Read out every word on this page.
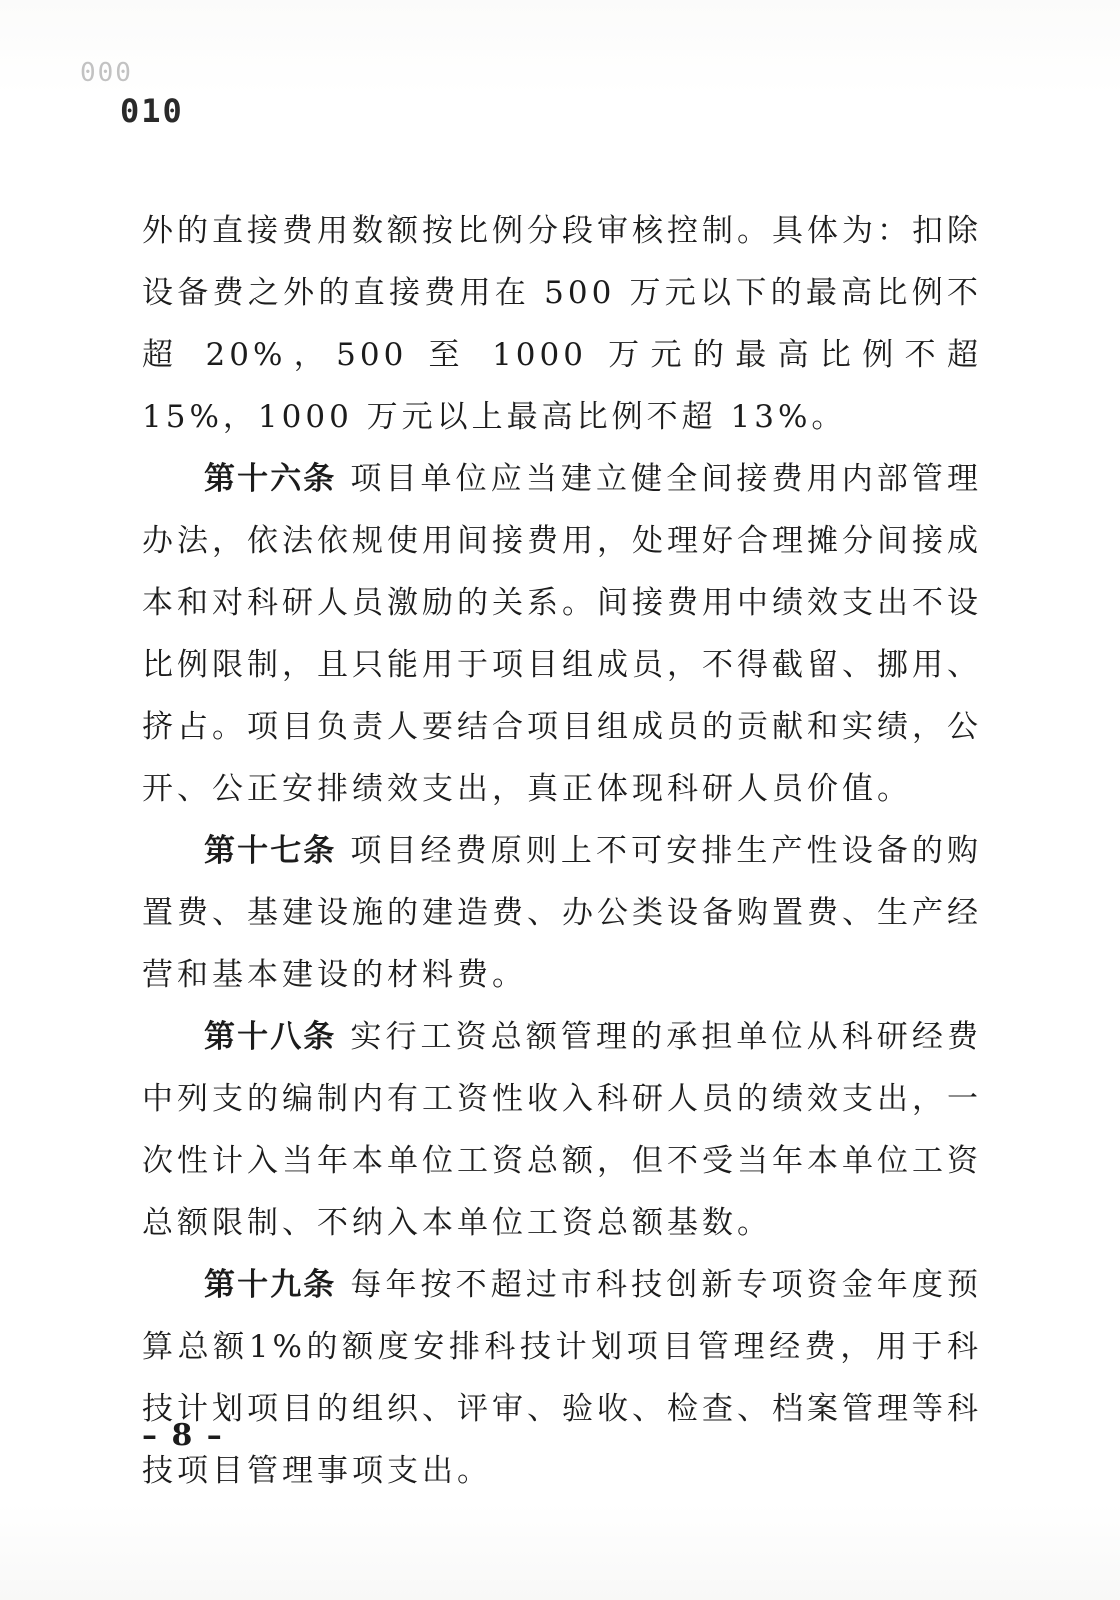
000
010

外的直接费用数额按比例分段审核控制。具体为：扣除设备费之外的直接费用在 500 万元以下的最高比例不超 20%，500 至 1000 万元的最高比例不超 15%，1000 万元以上最高比例不超 13%。

第十六条 项目单位应当建立健全间接费用内部管理办法，依法依规使用间接费用，处理好合理摊分间接成本和对科研人员激励的关系。间接费用中绩效支出不设比例限制，且只能用于项目组成员，不得截留、挪用、挤占。项目负责人要结合项目组成员的贡献和实绩，公开、公正安排绩效支出，真正体现科研人员价值。

第十七条 项目经费原则上不可安排生产性设备的购置费、基建设施的建造费、办公类设备购置费、生产经营和基本建设的材料费。

第十八条 实行工资总额管理的承担单位从科研经费中列支的编制内有工资性收入科研人员的绩效支出，一次性计入当年本单位工资总额，但不受当年本单位工资总额限制、不纳入本单位工资总额基数。

第十九条 每年按不超过市科技创新专项资金年度预算总额1%的额度安排科技计划项目管理经费，用于科技计划项目的组织、评审、验收、检查、档案管理等科技项目管理事项支出。

– 8 –
